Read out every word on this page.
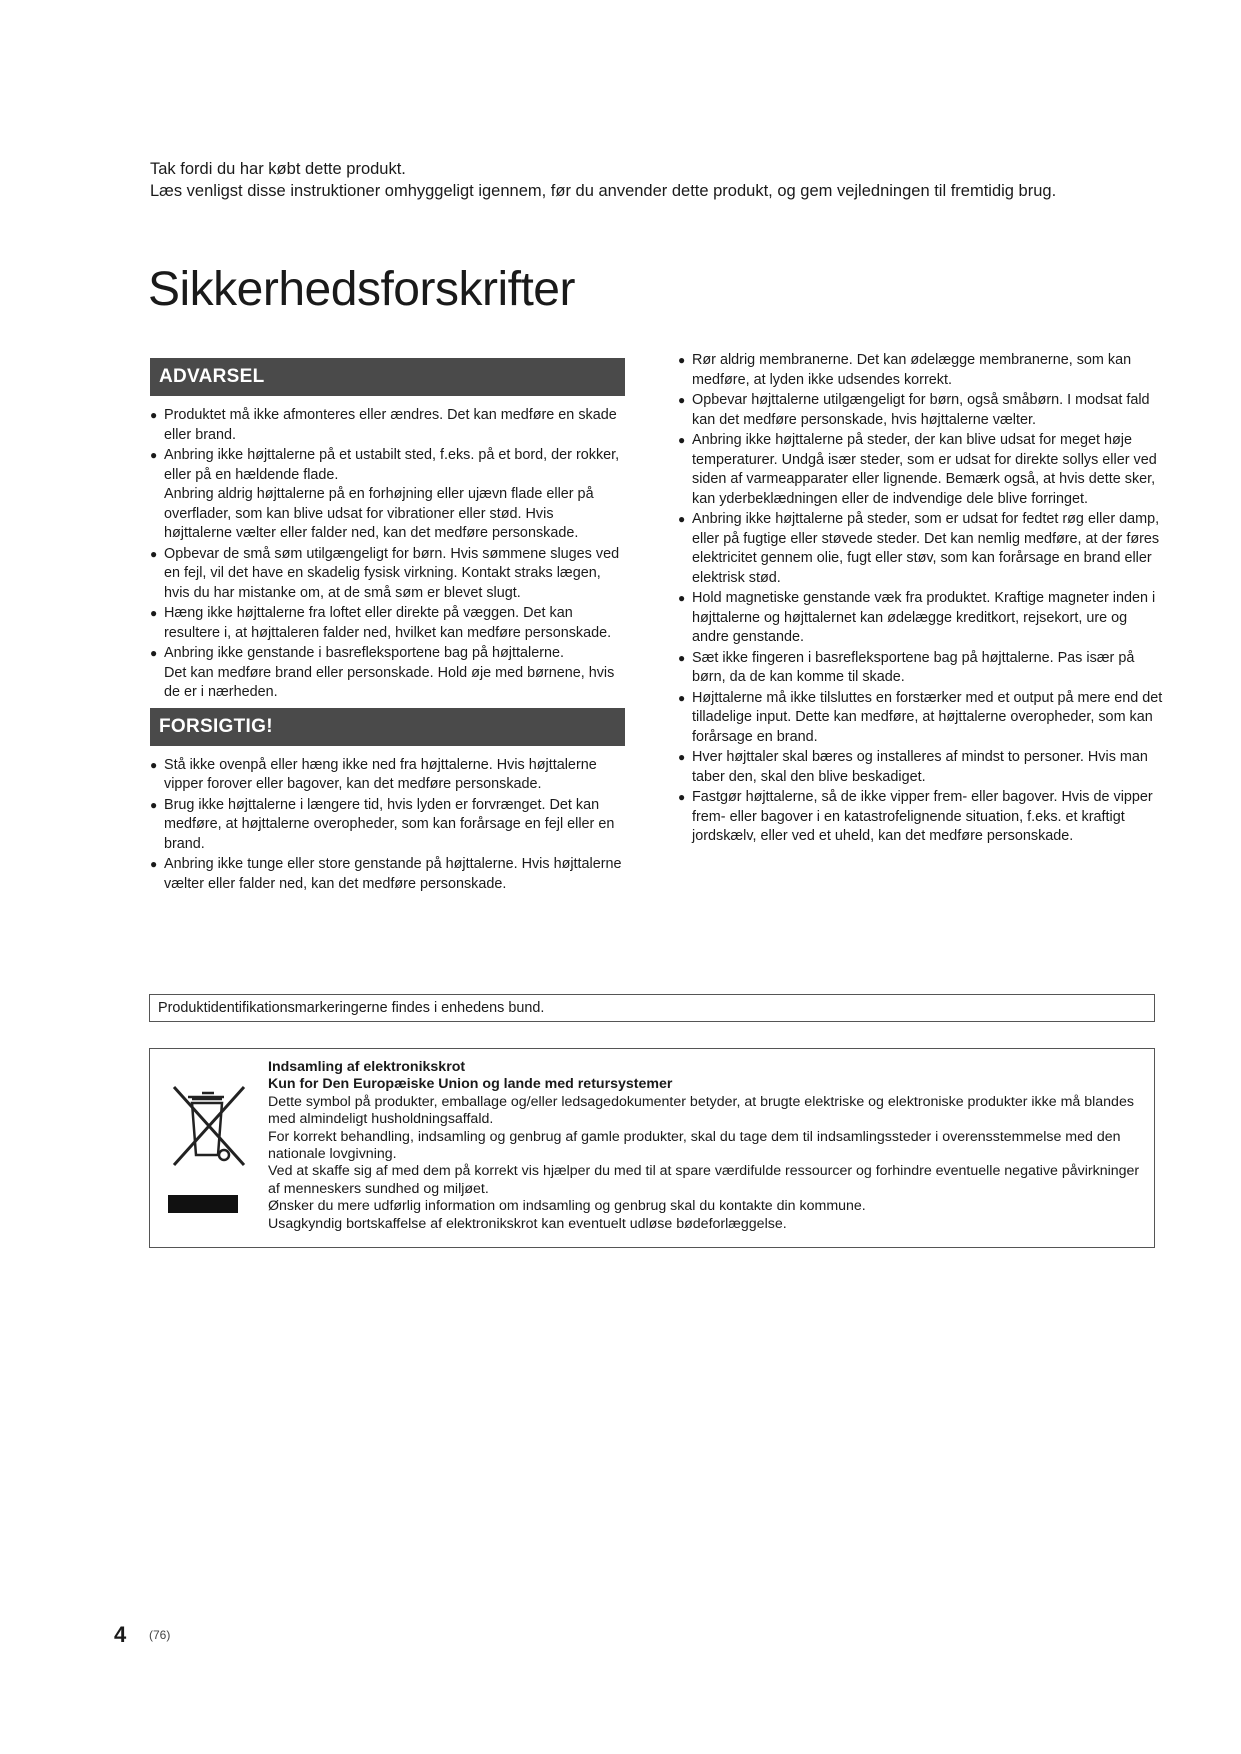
Tak fordi du har købt dette produkt.

Læs venligst disse instruktioner omhyggeligt igennem, før du anvender dette produkt, og gem vejledningen til fremtidig brug.

Sikkerhedsforskrifter
ADVARSEL
● Produktet må ikke afmonteres eller ændres. Det kan medføre en skade eller brand.
● Anbring ikke højttalerne på et ustabilt sted, f.eks. på et bord, der rokker, eller på en hældende flade.
Anbring aldrig højttalerne på en forhøjning eller ujævn flade eller på overflader, som kan blive udsat for vibrationer eller stød. Hvis højttalerne vælter eller falder ned, kan det medføre personskade.
● Opbevar de små søm utilgængeligt for børn. Hvis sømmene sluges ved en fejl, vil det have en skadelig fysisk virkning. Kontakt straks lægen, hvis du har mistanke om, at de små søm er blevet slugt.
● Hæng ikke højttalerne fra loftet eller direkte på væggen. Det kan resultere i, at højttaleren falder ned, hvilket kan medføre personskade.
● Anbring ikke genstande i basrefleksportene bag på højttalerne.
Det kan medføre brand eller personskade. Hold øje med børnene, hvis de er i nærheden.
FORSIGTIG!
● Stå ikke ovenpå eller hæng ikke ned fra højttalerne. Hvis højttalerne vipper forover eller bagover, kan det medføre personskade.
● Brug ikke højttalerne i længere tid, hvis lyden er forvrænget. Det kan medføre, at højttalerne overopheder, som kan forårsage en fejl eller en brand.
● Anbring ikke tunge eller store genstande på højttalerne. Hvis højttalerne vælter eller falder ned, kan det medføre personskade.
● Rør aldrig membranerne. Det kan ødelægge membranerne, som kan medføre, at lyden ikke udsendes korrekt.
● Opbevar højttalerne utilgængeligt for børn, også småbørn. I modsat fald kan det medføre personskade, hvis højttalerne vælter.
● Anbring ikke højttalerne på steder, der kan blive udsat for meget høje temperaturer. Undgå især steder, som er udsat for direkte sollys eller ved siden af varmeapparater eller lignende. Bemærk også, at hvis dette sker, kan yderbeklædningen eller de indvendige dele blive forringet.
● Anbring ikke højttalerne på steder, som er udsat for fedtet røg eller damp, eller på fugtige eller støvede steder. Det kan nemlig medføre, at der føres elektricitet gennem olie, fugt eller støv, som kan forårsage en brand eller elektrisk stød.
● Hold magnetiske genstande væk fra produktet. Kraftige magneter inden i højttalerne og højttalernet kan ødelægge kreditkort, rejsekort, ure og andre genstande.
● Sæt ikke fingeren i basrefleksportene bag på højttalerne. Pas især på børn, da de kan komme til skade.
● Højttalerne må ikke tilsluttes en forstærker med et output på mere end det tilladelige input. Dette kan medføre, at højttalerne overopheder, som kan forårsage en brand.
● Hver højttaler skal bæres og installeres af mindst to personer. Hvis man taber den, skal den blive beskadiget.
● Fastgør højttalerne, så de ikke vipper frem- eller bagover. Hvis de vipper frem- eller bagover i en katastrofelignende situation, f.eks. et kraftigt jordskælv, eller ved et uheld, kan det medføre personskade.
Produktidentifikationsmarkeringerne findes i enhedens bund.
Indsamling af elektronikskrot
Kun for Den Europæiske Union og lande med retursystemer
Dette symbol på produkter, emballage og/eller ledsagedokumenter betyder, at brugte elektriske og elektroniske produkter ikke må blandes med almindeligt husholdningsaffald.
For korrekt behandling, indsamling og genbrug af gamle produkter, skal du tage dem til indsamlingssteder i overensstemmelse med den nationale lovgivning.
Ved at skaffe sig af med dem på korrekt vis hjælper du med til at spare værdifulde ressourcer og forhindre eventuelle negative påvirkninger af menneskers sundhed og miljøet.
Ønsker du mere udførlig information om indsamling og genbrug skal du kontakte din kommune.
Usagkyndig bortskaffelse af elektronikskrot kan eventuelt udløse bødeforlæggelse.
4 (76)
